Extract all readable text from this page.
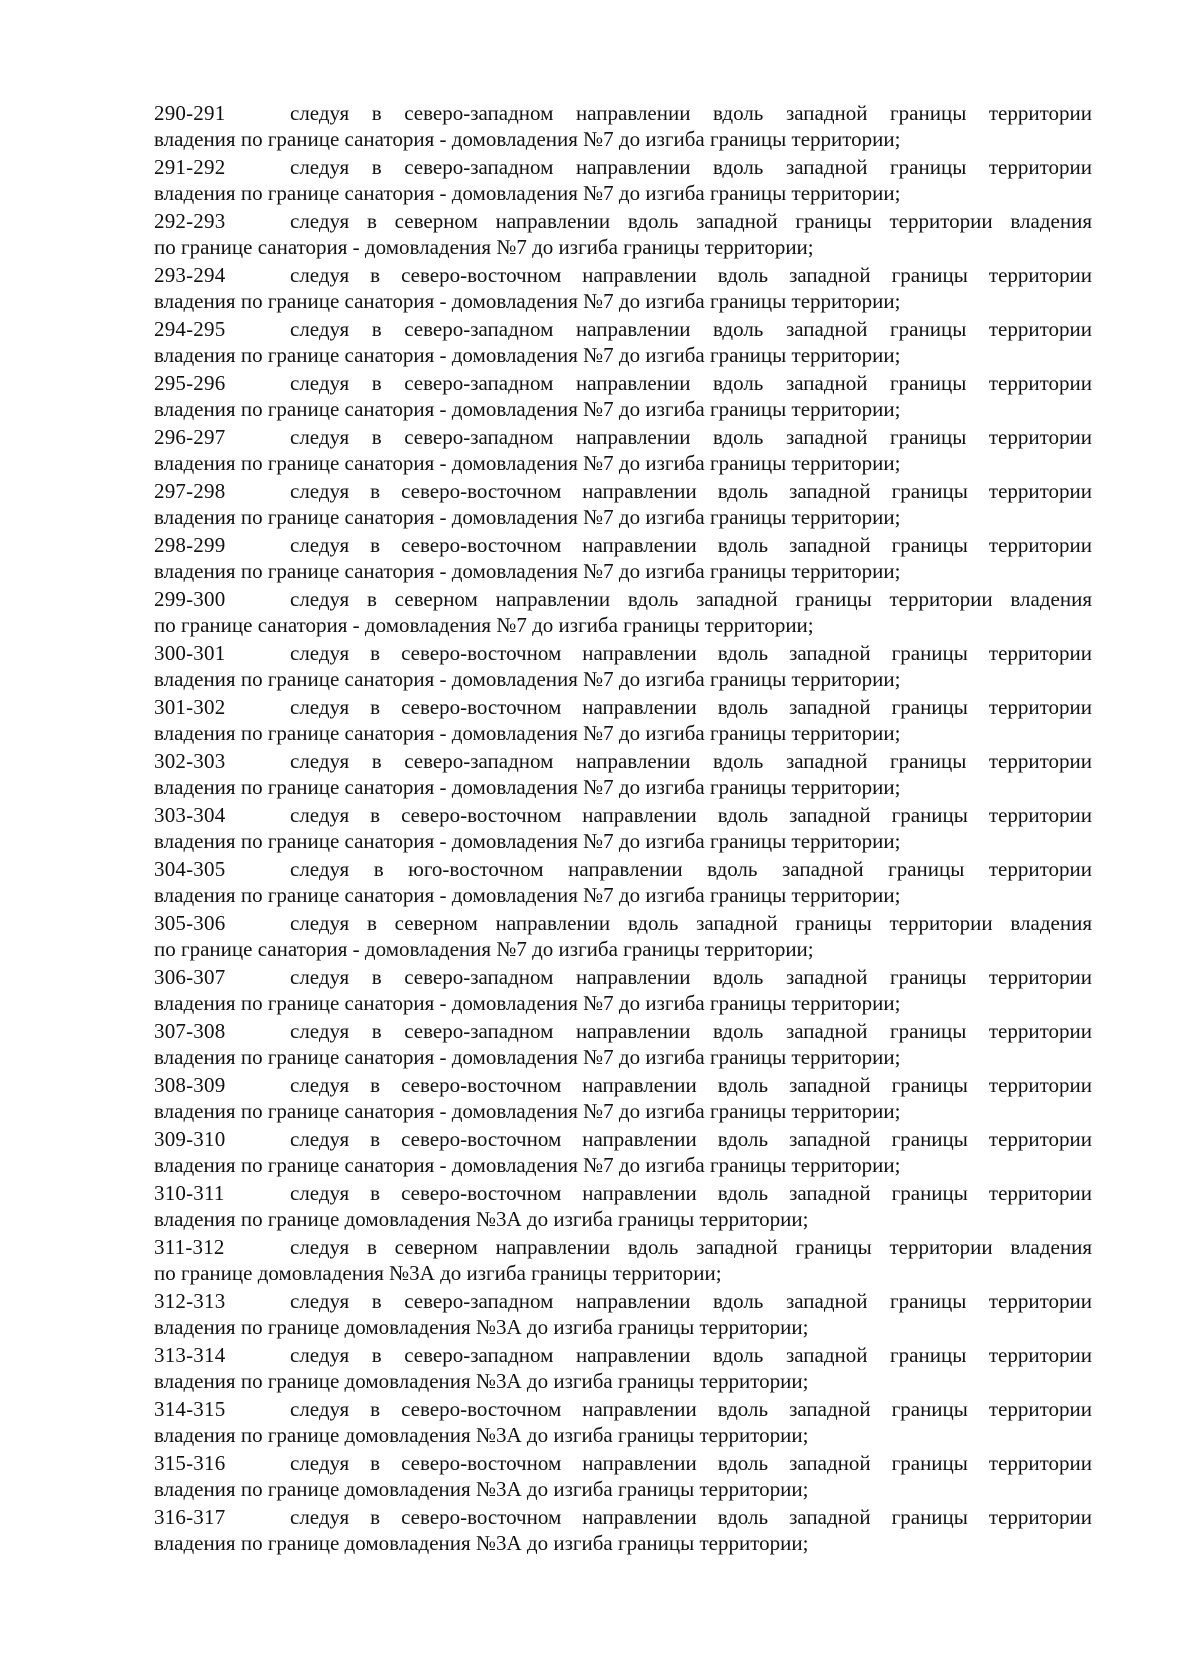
290-291	следуя в северо-западном направлении вдоль западной границы территории
владения по границе санатория - домовладения №7 до изгиба границы территории;
291-292	следуя в северо-западном направлении вдоль западной границы территории
владения по границе санатория - домовладения №7 до изгиба границы территории;
292-293	следуя в северном направлении вдоль западной границы территории владения
по границе санатория - домовладения №7 до изгиба границы территории;
293-294	следуя в северо-восточном направлении вдоль западной границы территории
владения по границе санатория - домовладения №7 до изгиба границы территории;
294-295	следуя в северо-западном направлении вдоль западной границы территории
владения по границе санатория - домовладения №7 до изгиба границы территории;
295-296	следуя в северо-западном направлении вдоль западной границы территории
владения по границе санатория - домовладения №7 до изгиба границы территории;
296-297	следуя в северо-западном направлении вдоль западной границы территории
владения по границе санатория - домовладения №7 до изгиба границы территории;
297-298	следуя в северо-восточном направлении вдоль западной границы территории
владения по границе санатория - домовладения №7 до изгиба границы территории;
298-299	следуя в северо-восточном направлении вдоль западной границы территории
владения по границе санатория - домовладения №7 до изгиба границы территории;
299-300	следуя в северном направлении вдоль западной границы территории владения
по границе санатория - домовладения №7 до изгиба границы территории;
300-301	следуя в северо-восточном направлении вдоль западной границы территории
владения по границе санатория - домовладения №7 до изгиба границы территории;
301-302	следуя в северо-восточном направлении вдоль западной границы территории
владения по границе санатория - домовладения №7 до изгиба границы территории;
302-303	следуя в северо-западном направлении вдоль западной границы территории
владения по границе санатория - домовладения №7 до изгиба границы территории;
303-304	следуя в северо-восточном направлении вдоль западной границы территории
владения по границе санатория - домовладения №7 до изгиба границы территории;
304-305	следуя в юго-восточном направлении вдоль западной границы территории
владения по границе санатория - домовладения №7 до изгиба границы территории;
305-306	следуя в северном направлении вдоль западной границы территории владения
по границе санатория - домовладения №7 до изгиба границы территории;
306-307	следуя в северо-западном направлении вдоль западной границы территории
владения по границе санатория - домовладения №7 до изгиба границы территории;
307-308	следуя в северо-западном направлении вдоль западной границы территории
владения по границе санатория - домовладения №7 до изгиба границы территории;
308-309	следуя в северо-восточном направлении вдоль западной границы территории
владения по границе санатория - домовладения №7 до изгиба границы территории;
309-310	следуя в северо-восточном направлении вдоль западной границы территории
владения по границе санатория - домовладения №7 до изгиба границы территории;
310-311	следуя в северо-восточном направлении вдоль западной границы территории
владения по границе домовладения №3А до изгиба границы территории;
311-312	следуя в северном направлении вдоль западной границы территории владения
по границе домовладения №3А до изгиба границы территории;
312-313	следуя в северо-западном направлении вдоль западной границы территории
владения по границе домовладения №3А до изгиба границы территории;
313-314	следуя в северо-западном направлении вдоль западной границы территории
владения по границе домовладения №3А до изгиба границы территории;
314-315	следуя в северо-восточном направлении вдоль западной границы территории
владения по границе домовладения №3А до изгиба границы территории;
315-316	следуя в северо-восточном направлении вдоль западной границы территории
владения по границе домовладения №3А до изгиба границы территории;
316-317	следуя в северо-восточном направлении вдоль западной границы территории
владения по границе домовладения №3А до изгиба границы территории;
